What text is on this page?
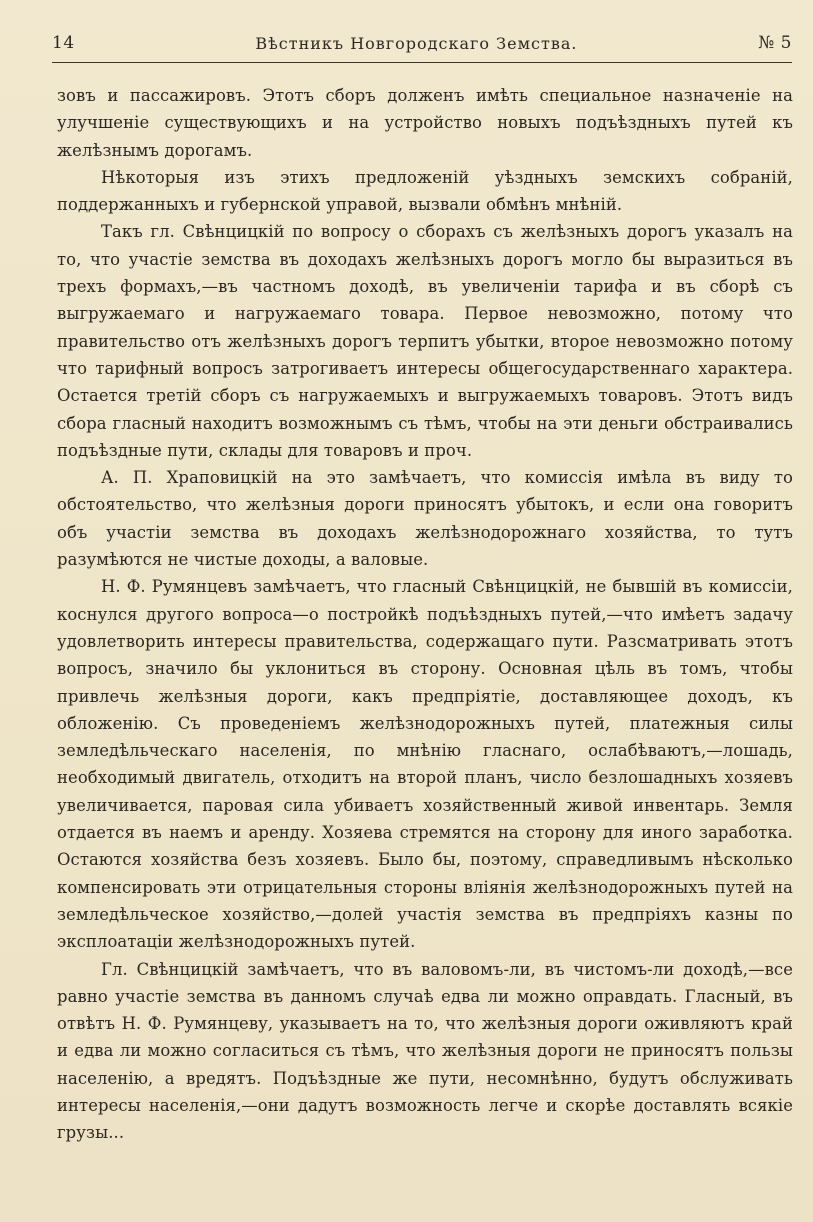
14	Вѣстникъ Новгородскаго Земства.	№ 5

зовъ и пассажировъ. Этотъ сборъ долженъ имѣть специальное назначеніе на улучшеніе существующихъ и на устройство новыхъ подъѣздныхъ путей къ желѣзнымъ дорогамъ.

Нѣкоторыя изъ этихъ предложеній уѣздныхъ земскихъ собраній, поддержанныхъ и губернской управой, вызвали обмѣнъ мнѣній.

Такъ гл. Свѣнцицкій по вопросу о сборахъ съ желѣзныхъ дорогъ указалъ на то, что участіе земства въ доходахъ желѣзныхъ дорогъ могло бы выразиться въ трехъ формахъ,—въ частномъ доходѣ, въ увеличеніи тарифа и въ сборѣ съ выгружаемаго и нагружаемаго товара. Первое невозможно, потому что правительство отъ желѣзныхъ дорогъ терпитъ убытки, второе невозможно потому что тарифный вопросъ затрогиваетъ интересы общегосударственнаго характера. Остается третій сборъ съ нагружаемыхъ и выгружаемыхъ товаровъ. Этотъ видъ сбора гласный находитъ возможнымъ съ тѣмъ, чтобы на эти деньги обстраивались подъѣздные пути, склады для товаровъ и проч.

А. П. Храповицкій на это замѣчаетъ, что комиссія имѣла въ виду то обстоятельство, что желѣзныя дороги приносятъ убытокъ, и если она говоритъ объ участіи земства въ доходахъ желѣзнодорожнаго хозяйства, то тутъ разумѣются не чистые доходы, а валовые.

Н. Ф. Румянцевъ замѣчаетъ, что гласный Свѣнцицкій, не бывшій въ комиссіи, коснулся другого вопроса—о постройкѣ подъѣздныхъ путей,—что имѣетъ задачу удовлетворить интересы правительства, содержащаго пути. Разсматривать этотъ вопросъ, значило бы уклониться въ сторону. Основная цѣль въ томъ, чтобы привлечь желѣзныя дороги, какъ предпріятіе, доставляющее доходъ, къ обложенію. Съ проведеніемъ желѣзнодорожныхъ путей, платежныя силы земледѣльческаго населенія, по мнѣнію гласнаго, ослабѣваютъ,—лошадь, необходимый двигатель, отходитъ на второй планъ, число безлошадныхъ хозяевъ увеличивается, паровая сила убиваетъ хозяйственный живой инвентарь. Земля отдается въ наемъ и аренду. Хозяева стремятся на сторону для иного заработка. Остаются хозяйства безъ хозяевъ. Было бы, поэтому, справедливымъ нѣсколько компенсировать эти отрицательныя стороны вліянія желѣзнодорожныхъ путей на земледѣльческое хозяйство,—долей участія земства въ предпріяхъ казны по эксплоатаціи желѣзнодорожныхъ путей.

Гл. Свѣнцицкій замѣчаетъ, что въ валовомъ-ли, въ чистомъ-ли доходѣ,—все равно участіе земства въ данномъ случаѣ едва ли можно оправдать. Гласный, въ отвѣтъ Н. Ф. Румянцеву, указываетъ на то, что желѣзныя дороги оживляютъ край и едва ли можно согласиться съ тѣмъ, что желѣзныя дороги не приносятъ пользы населенію, а вредятъ. Подъѣздные же пути, несомнѣнно, будутъ обслуживать интересы населенія,—они дадутъ возможность легче и скорѣе доставлять всякіе грузы...
